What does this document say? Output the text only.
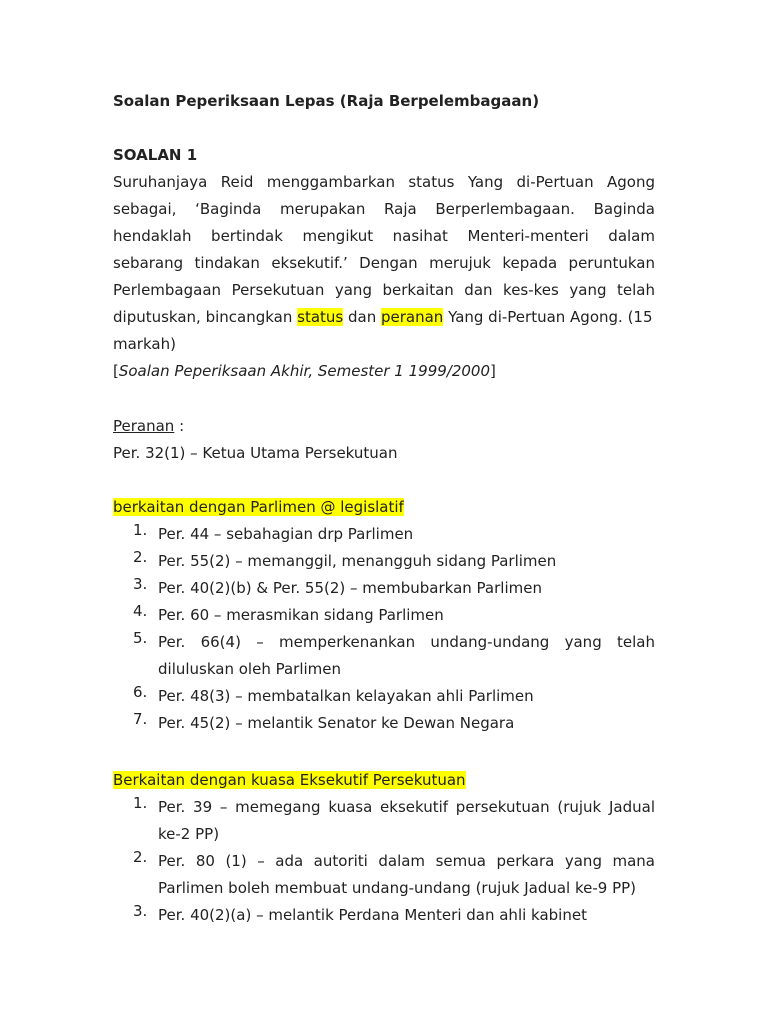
Soalan Peperiksaan Lepas (Raja Berpelembagaan)
SOALAN 1
Suruhanjaya Reid menggambarkan status Yang di-Pertuan Agong
sebagai, ‘Baginda merupakan Raja Berperlembagaan. Baginda
hendaklah bertindak mengikut nasihat Menteri-menteri dalam
sebarang tindakan eksekutif.’ Dengan merujuk kepada peruntukan
Perlembagaan Persekutuan yang berkaitan dan kes-kes yang telah
diputuskan, bincangkan status dan peranan Yang di-Pertuan Agong. (15
markah)
[Soalan Peperiksaan Akhir, Semester 1 1999/2000]
Peranan :
Per. 32(1) – Ketua Utama Persekutuan
berkaitan dengan Parlimen @ legislatif
1. Per. 44 – sebahagian drp Parlimen
2. Per. 55(2) – memanggil, menangguh sidang Parlimen
3. Per. 40(2)(b) & Per. 55(2) – membubarkan Parlimen
4. Per. 60 – merasmikan sidang Parlimen
5. Per. 66(4) – memperkenankan undang-undang yang telah
diluluskan oleh Parlimen
6. Per. 48(3) – membatalkan kelayakan ahli Parlimen
7. Per. 45(2) – melantik Senator ke Dewan Negara
Berkaitan dengan kuasa Eksekutif Persekutuan
1. Per. 39 – memegang kuasa eksekutif persekutuan (rujuk Jadual
ke-2 PP)
2. Per. 80 (1) – ada autoriti dalam semua perkara yang mana
Parlimen boleh membuat undang-undang (rujuk Jadual ke-9 PP)
3. Per. 40(2)(a) – melantik Perdana Menteri dan ahli kabinet
